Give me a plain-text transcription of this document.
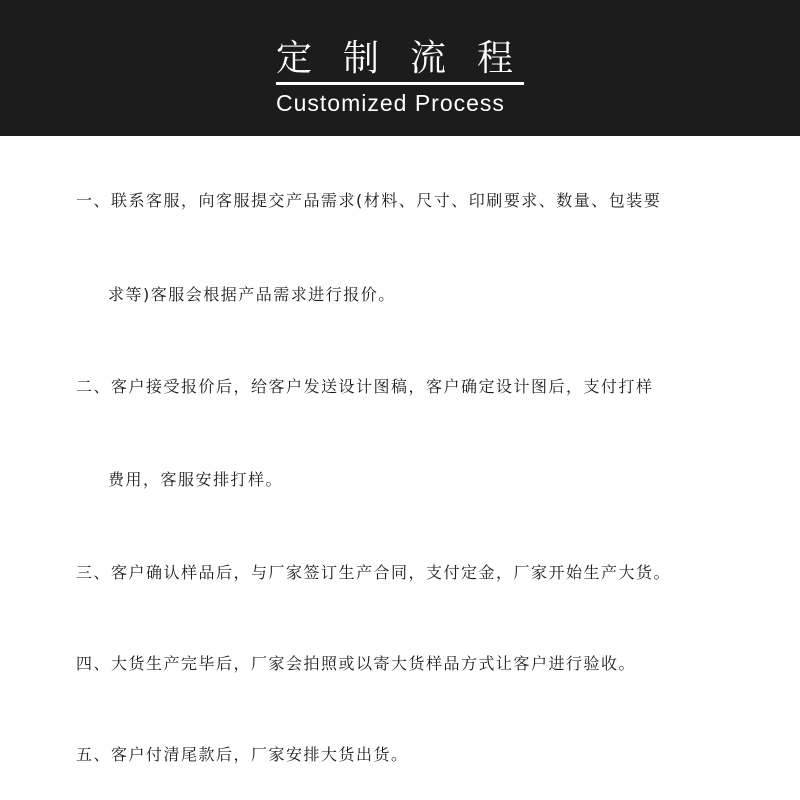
定制流程
Customized Process
一、联系客服，向客服提交产品需求(材料、尺寸、印刷要求、数量、包装要
求等)客服会根据产品需求进行报价。
二、客户接受报价后，给客户发送设计图稿，客户确定设计图后，支付打样
费用，客服安排打样。
三、客户确认样品后，与厂家签订生产合同，支付定金，厂家开始生产大货。
四、大货生产完毕后，厂家会拍照或以寄大货样品方式让客户进行验收。
五、客户付清尾款后，厂家安排大货出货。
